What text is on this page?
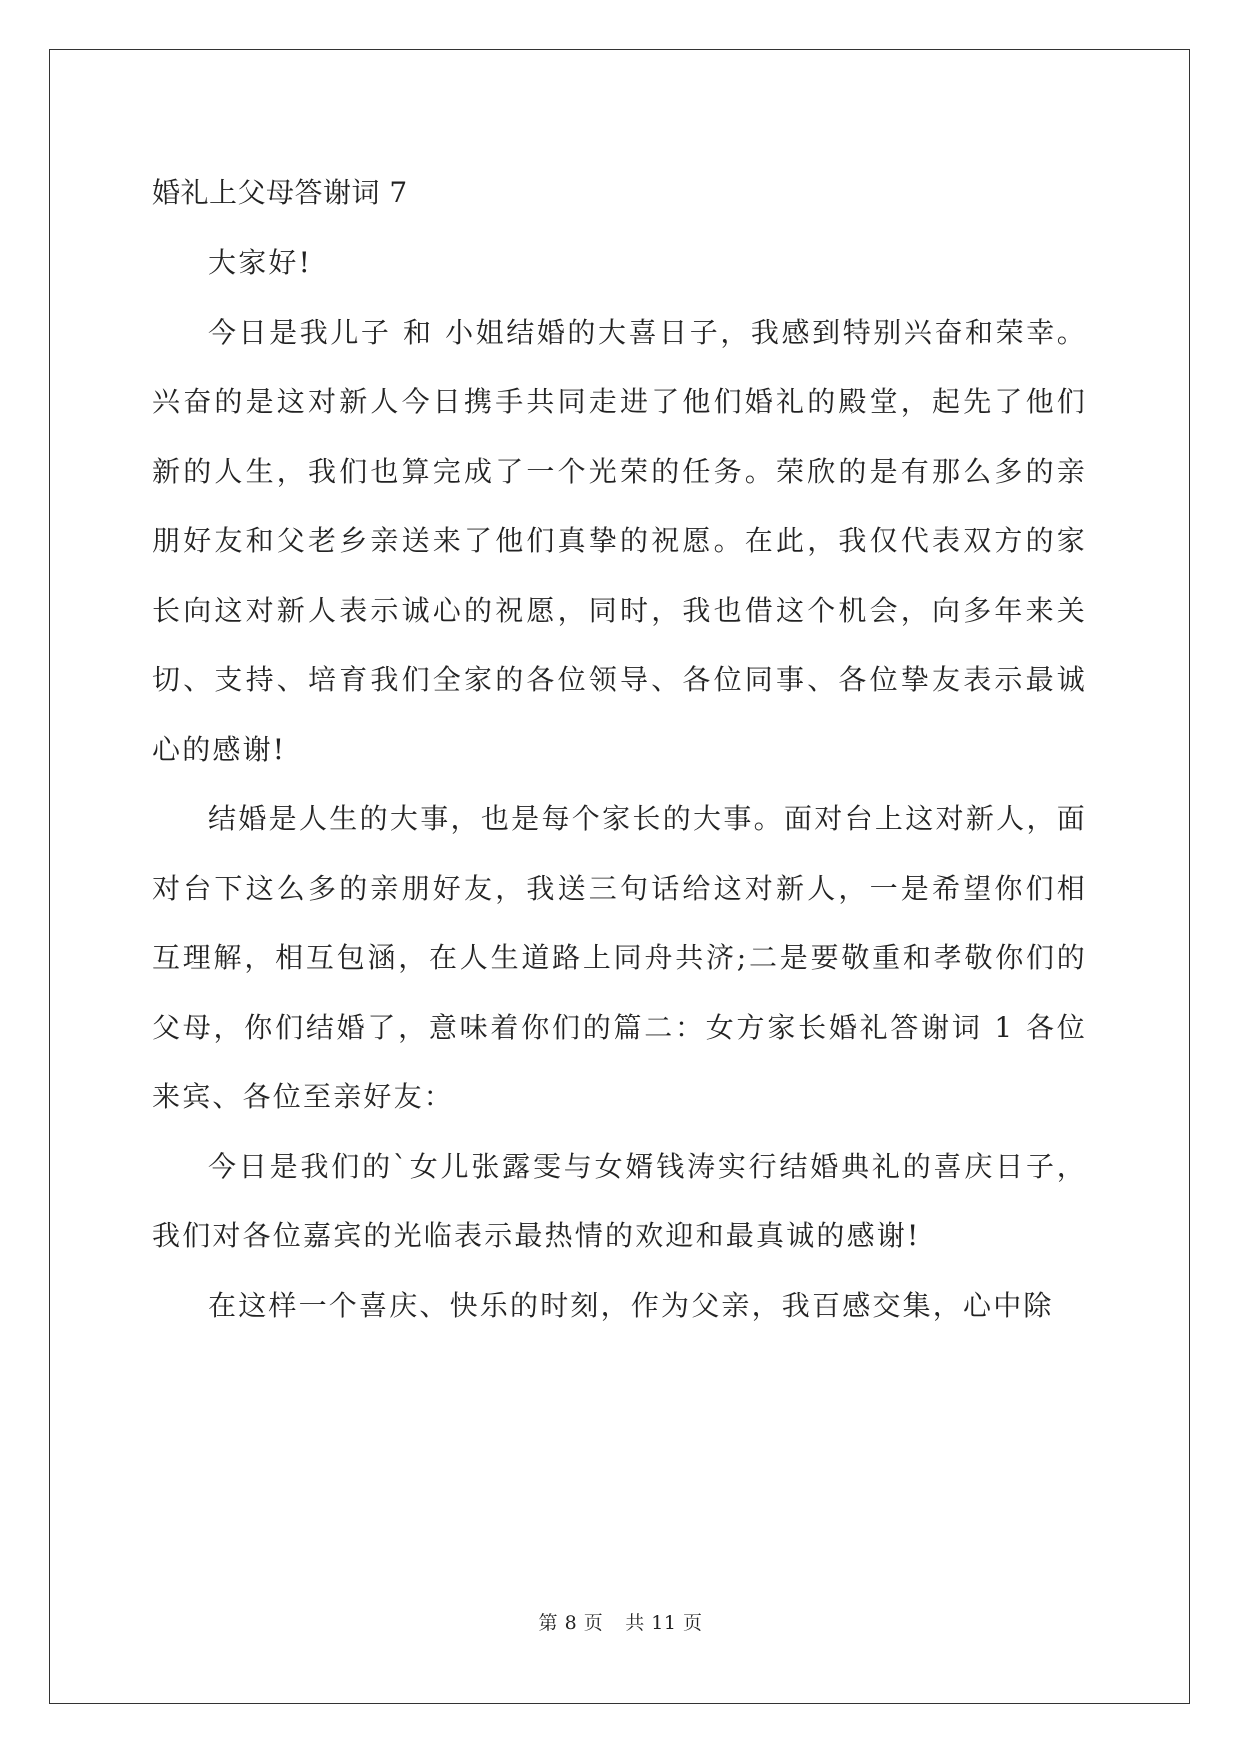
婚礼上父母答谢词 7

大家好!

今日是我儿子 和 小姐结婚的大喜日子，我感到特别兴奋和荣幸。兴奋的是这对新人今日携手共同走进了他们婚礼的殿堂，起先了他们新的人生，我们也算完成了一个光荣的任务。荣欣的是有那么多的亲朋好友和父老乡亲送来了他们真挚的祝愿。在此，我仅代表双方的家长向这对新人表示诚心的祝愿，同时，我也借这个机会，向多年来关切、支持、培育我们全家的各位领导、各位同事、各位挚友表示最诚心的感谢!

结婚是人生的大事，也是每个家长的大事。面对台上这对新人，面对台下这么多的亲朋好友，我送三句话给这对新人，一是希望你们相互理解，相互包涵，在人生道路上同舟共济;二是要敬重和孝敬你们的父母，你们结婚了，意味着你们的篇二：女方家长婚礼答谢词 1 各位来宾、各位至亲好友：

今日是我们的`女儿张露雯与女婿钱涛实行结婚典礼的喜庆日子，我们对各位嘉宾的光临表示最热情的欢迎和最真诚的感谢!

在这样一个喜庆、快乐的时刻，作为父亲，我百感交集，心中除

第 8 页 共 11 页
